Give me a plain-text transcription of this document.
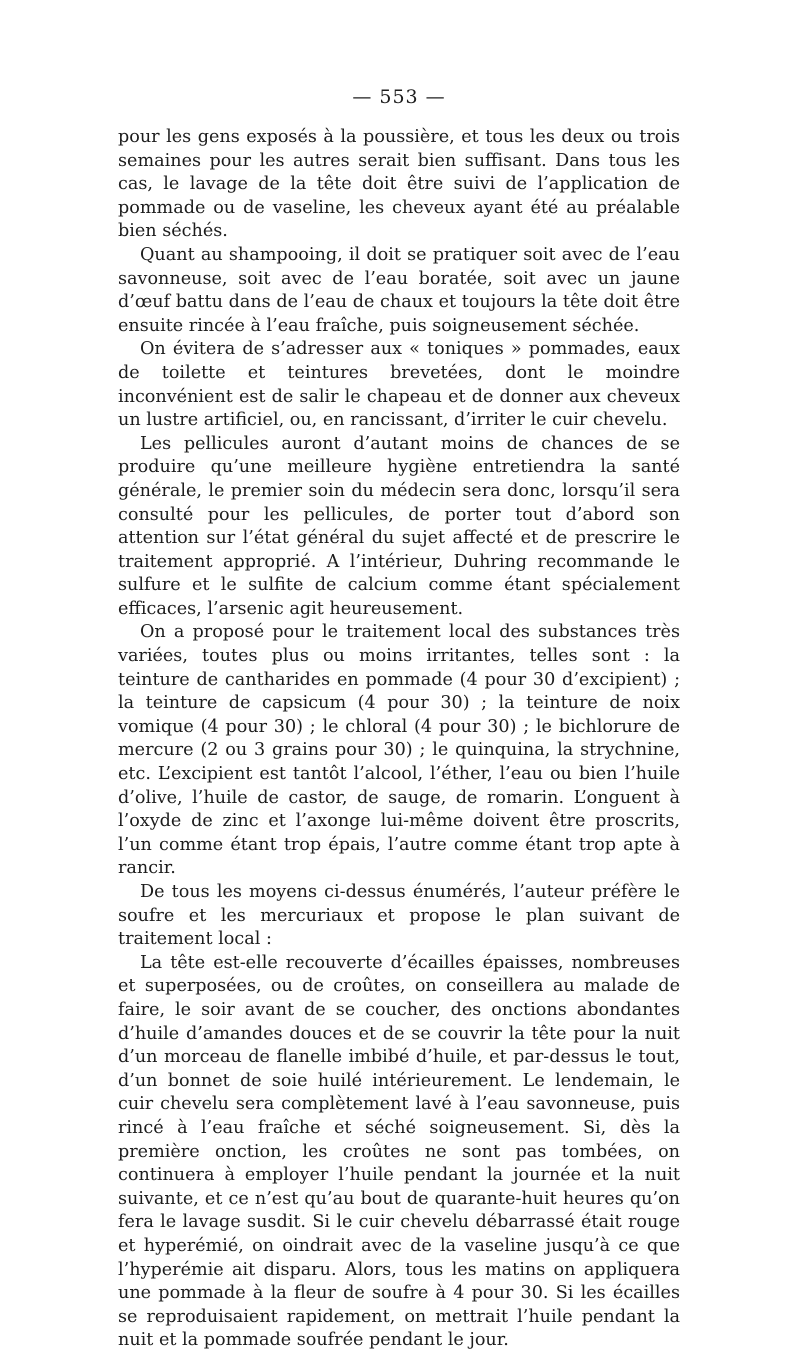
— 553 —

pour les gens exposés à la poussière, et tous les deux ou trois semaines pour les autres serait bien suffisant. Dans tous les cas, le lavage de la tête doit être suivi de l’application de pommade ou de vaseline, les cheveux ayant été au préalable bien séchés.

Quant au shampooing, il doit se pratiquer soit avec de l’eau savonneuse, soit avec de l’eau boratée, soit avec un jaune d’œuf battu dans de l’eau de chaux et toujours la tête doit être ensuite rincée à l’eau fraîche, puis soigneusement séchée.

On évitera de s’adresser aux « toniques » pommades, eaux de toilette et teintures brevetées, dont le moindre inconvénient est de salir le chapeau et de donner aux cheveux un lustre artificiel, ou, en rancissant, d’irriter le cuir chevelu.

Les pellicules auront d’autant moins de chances de se produire qu’une meilleure hygiène entretiendra la santé générale, le premier soin du médecin sera donc, lorsqu’il sera consulté pour les pellicules, de porter tout d’abord son attention sur l’état général du sujet affecté et de prescrire le traitement approprié. A l’intérieur, Duhring recommande le sulfure et le sulfite de calcium comme étant spécialement efficaces, l’arsenic agit heureusement.

On a proposé pour le traitement local des substances très variées, toutes plus ou moins irritantes, telles sont : la teinture de cantharides en pommade (4 pour 30 d’excipient) ; la teinture de capsicum (4 pour 30) ; la teinture de noix vomique (4 pour 30) ; le chloral (4 pour 30) ; le bichlorure de mercure (2 ou 3 grains pour 30) ; le quinquina, la strychnine, etc. L’excipient est tantôt l’alcool, l’éther, l’eau ou bien l’huile d’olive, l’huile de castor, de sauge, de romarin. L’onguent à l’oxyde de zinc et l’axonge lui-même doivent être proscrits, l’un comme étant trop épais, l’autre comme étant trop apte à rancir.

De tous les moyens ci-dessus énumérés, l’auteur préfère le soufre et les mercuriaux et propose le plan suivant de traitement local :

La tête est-elle recouverte d’écailles épaisses, nombreuses et superposées, ou de croûtes, on conseillera au malade de faire, le soir avant de se coucher, des onctions abondantes d’huile d’amandes douces et de se couvrir la tête pour la nuit d’un morceau de flanelle imbibé d’huile, et par-dessus le tout, d’un bonnet de soie huilé intérieurement. Le lendemain, le cuir chevelu sera complètement lavé à l’eau savonneuse, puis rincé à l’eau fraîche et séché soigneusement. Si, dès la première onction, les croûtes ne sont pas tombées, on continuera à employer l’huile pendant la journée et la nuit suivante, et ce n’est qu’au bout de quarante-huit heures qu’on fera le lavage susdit. Si le cuir chevelu débarrassé était rouge et hyperémié, on oindrait avec de la vaseline jusqu’à ce que l’hyperémie ait disparu. Alors, tous les matins on appliquera une pommade à la fleur de soufre à 4 pour 30. Si les écailles se reproduisaient rapidement, on mettrait l’huile pendant la nuit et la pommade soufrée pendant le jour.
